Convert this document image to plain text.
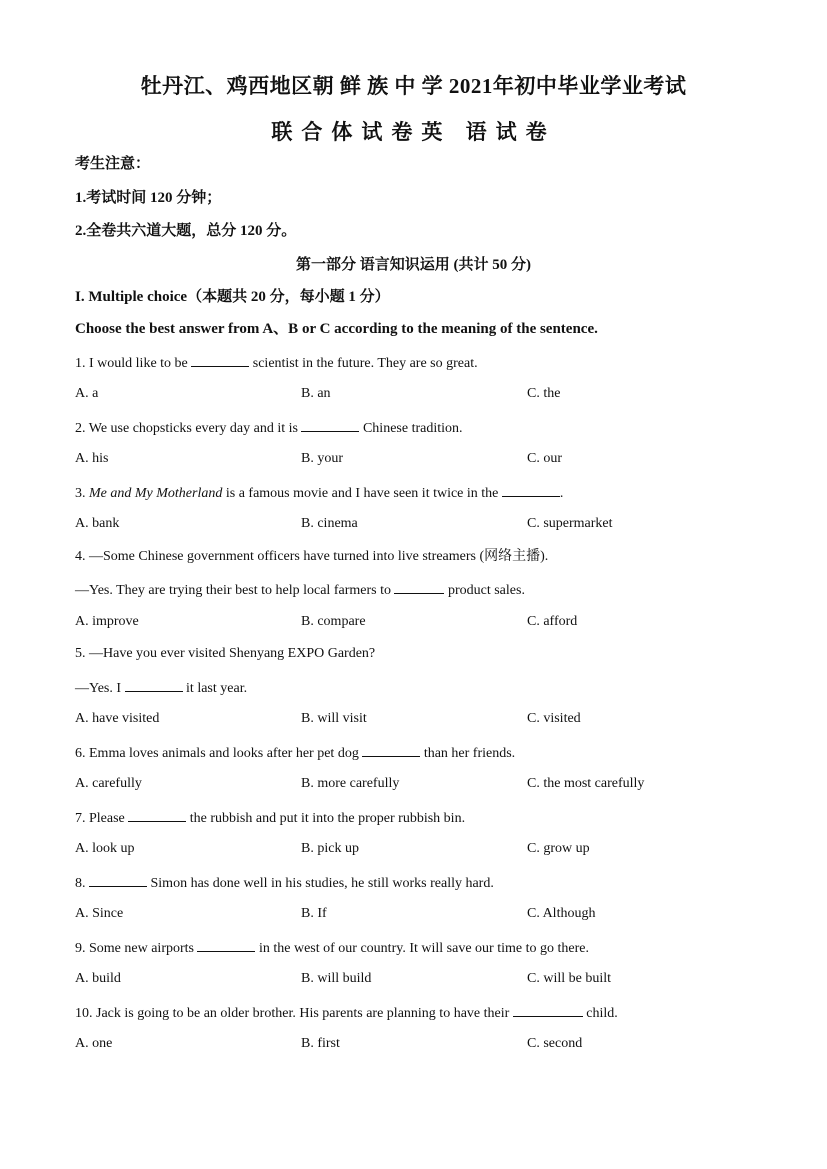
牡丹江、鸡西地区朝 鲜 族 中 学 2021年初中毕业学业考试
联合体试卷英 语试卷
考生注意：
1.考试时间 120 分钟；
2.全卷共六道大题，总分 120 分。
第一部分 语言知识运用 (共计 50 分)
I. Multiple choice（本题共 20 分，每小题 1 分）
Choose the best answer from A、B or C according to the meaning of the sentence.
1. I would like to be	scientist in the future. They are so great.
A. a	B. an	C. the
2. We use chopsticks every day and it is	Chinese tradition.
A. his	B. your	C. our
3. Me and My Motherland is a famous movie and I have seen it twice in the	.
A. bank	B. cinema	C. supermarket
4. —Some Chinese government officers have turned into live streamers (网络主播).
—Yes. They are trying their best to help local farmers to	product sales.
A. improve	B. compare	C. afford
5. —Have you ever visited Shenyang EXPO Garden?
—Yes. I	it last year.
A. have visited	B. will visit	C. visited
6. Emma loves animals and looks after her pet dog	than her friends.
A. carefully	B. more carefully	C. the most carefully
7. Please	the rubbish and put it into the proper rubbish bin.
A. look up	B. pick up	C. grow up
8.	Simon has done well in his studies, he still works really hard.
A. Since	B. If	C. Although
9. Some new airports	in the west of our country. It will save our time to go there.
A. build	B. will build	C. will be built
10. Jack is going to be an older brother. His parents are planning to have their	child.
A. one	B. first	C. second
